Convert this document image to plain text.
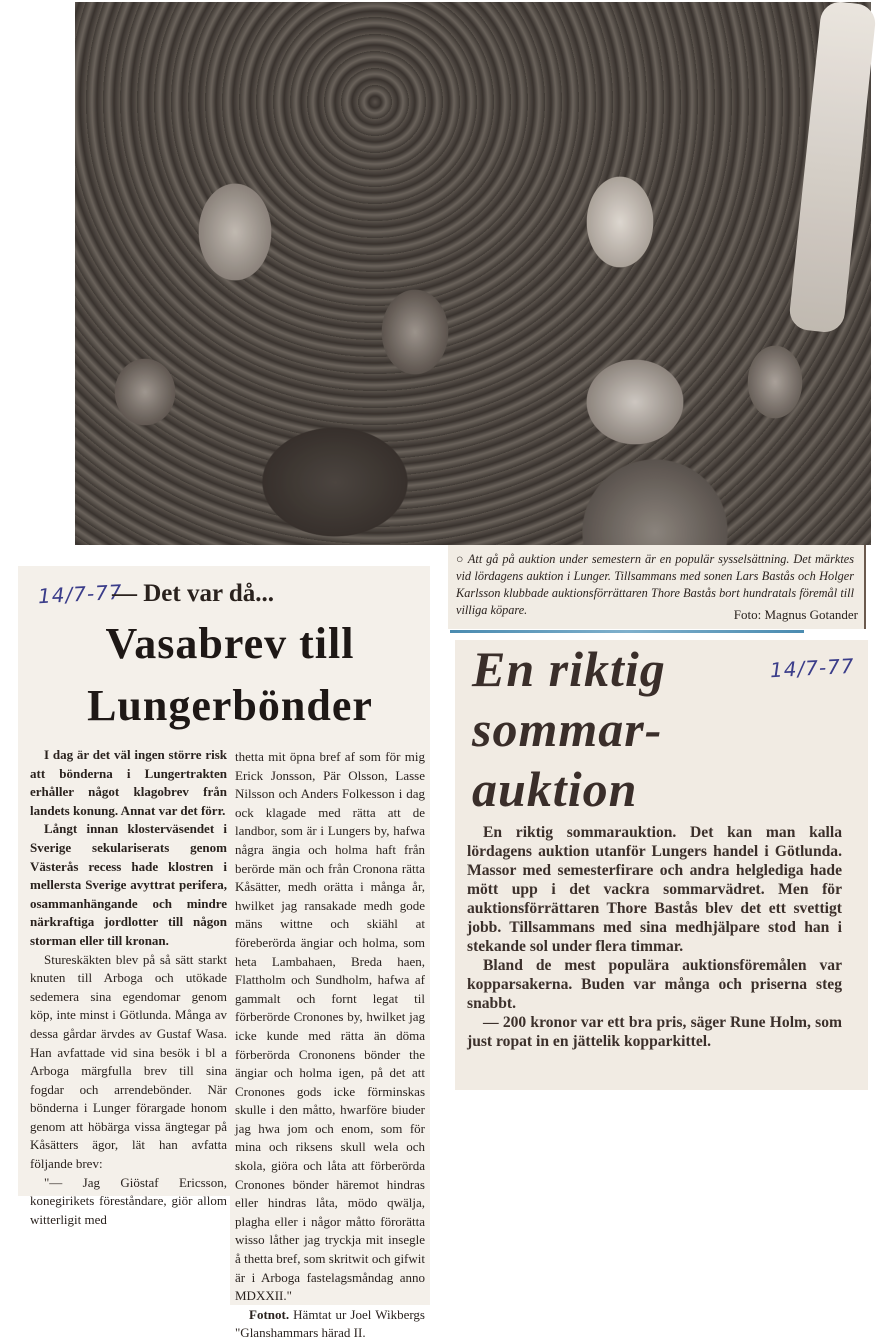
○ Att gå på auktion under semestern är en populär sysselsättning. Det märktes vid lördagens auktion i Lunger. Tillsammans med sonen Lars Bastås och Holger Karlsson klubbade auktionsförrättaren Thore Bastås bort hundratals föremål till villiga köpare.	Foto: Magnus Gotander
14/7-77
— Det var då...
Vasabrev till
Lungerbönder

I dag är det väl ingen större risk att bönderna i Lungertrakten erhåller något klagobrev från landets konung. Annat var det förr.

Långt innan klosterväsendet i Sverige sekulariserats genom Västerås recess hade klostren i mellersta Sverige avyttrat perifera, osammanhängande och mindre närkraftiga jordlotter till någon storman eller till kronan.

Stureskäkten blev på så sätt starkt knuten till Arboga och utökade sedemera sina egendomar genom köp, inte minst i Götlunda. Många av dessa gårdar ärvdes av Gustaf Wasa. Han avfattade vid sina besök i bl a Arboga märgfulla brev till sina fogdar och arrendebönder. När bönderna i Lunger förargade honom genom att höbärga vissa ängtegar på Kåsätters ägor, lät han avfatta följande brev:

"— Jag Giöstaf Ericsson, konegirikets föreståndare, giör allom witterligit med

thetta mit öpna bref af som för mig Erick Jonsson, Pär Olsson, Lasse Nilsson och Anders Folkesson i dag ock klagade med rätta att de landbor, som är i Lungers by, hafwa några ängia och holma haft från berörde män och från Cronona rätta Kåsätter, medh orätta i många år, hwilket jag ransakade medh gode mäns wittne och skiähl at föreberörda ängiar och holma, som heta Lambahaen, Breda haen, Flattholm och Sundholm, hafwa af gammalt och fornt legat til förberörde Cronones by, hwilket jag icke kunde med rätta än döma förberörda Crononens bönder the ängiar och holma igen, på det att Cronones gods icke förminskas skulle i den måtto, hwarföre biuder jag hwa jom och enom, som för mina och riksens skull wela och skola, giöra och låta att förberörda Cronones bönder häremot hindras eller hindras låta, mödo qwälja, plagha eller i någor måtto förorätta wisso låther jag tryckja mit insegle å thetta bref, som skritwit och gifwit är i Arboga fastelagsmåndag anno MDXXII."

Fotnot. Hämtat ur Joel Wikbergs "Glanshammars härad II.

14/7-77
En riktig
sommar-
auktion

En riktig sommarauktion. Det kan man kalla lördagens auktion utanför Lungers handel i Götlunda. Massor med semesterfirare och andra helglediga hade mött upp i det vackra sommarvädret. Men för auktionsförrättaren Thore Bastås blev det ett svettigt jobb. Tillsammans med sina medhjälpare stod han i stekande sol under flera timmar.

Bland de mest populära auktionsföremålen var kopparsakerna. Buden var många och priserna steg snabbt.

— 200 kronor var ett bra pris, säger Rune Holm, som just ropat in en jättelik kopparkittel.
